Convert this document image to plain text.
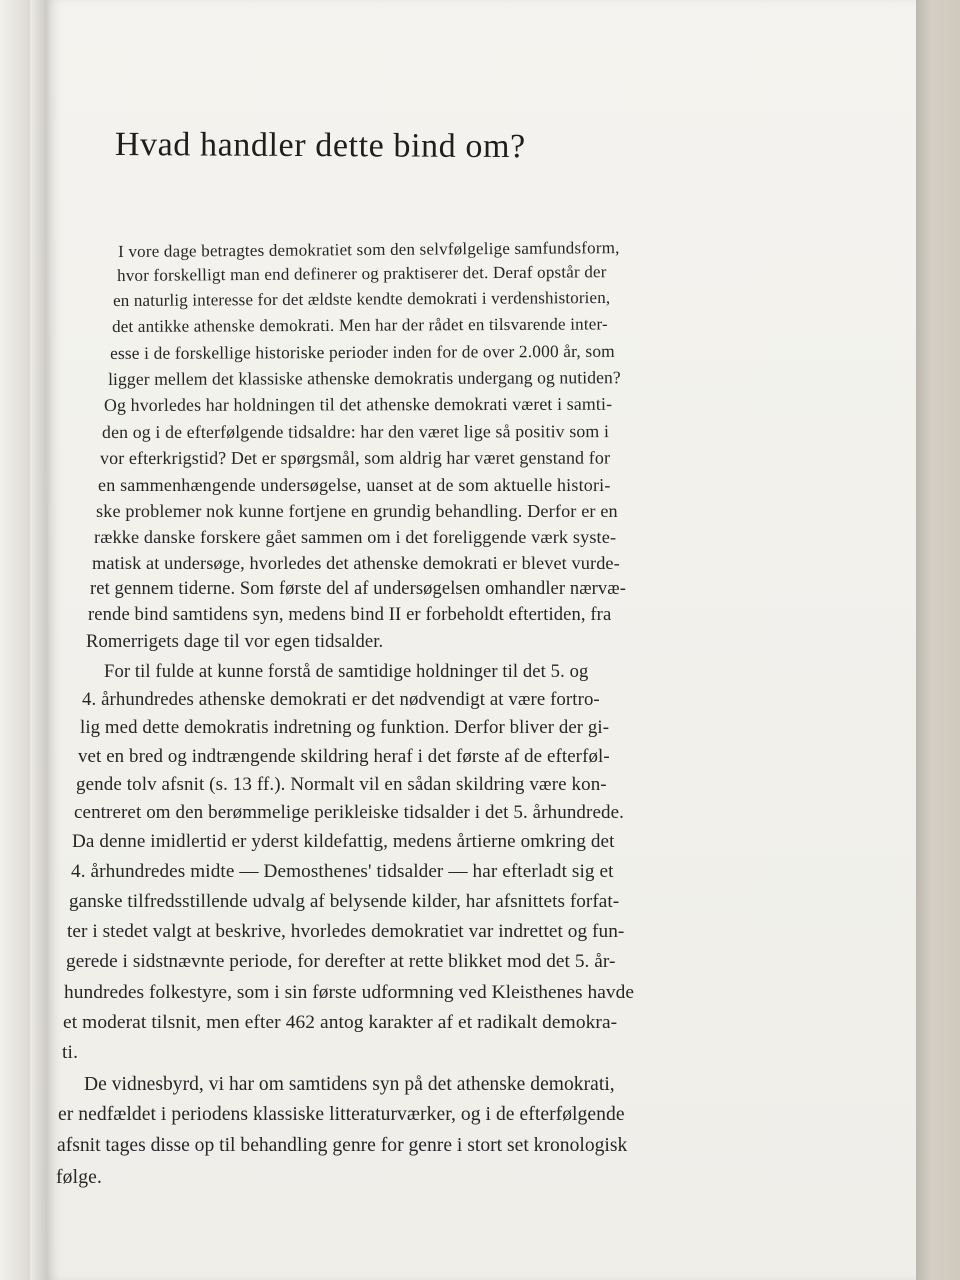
Hvad handler dette bind om?

I vore dage betragtes demokratiet som den selvfølgelige samfundsform,

hvor forskelligt man end definerer og praktiserer det. Deraf opstår der

en naturlig interesse for det ældste kendte demokrati i verdenshistorien,

det antikke athenske demokrati. Men har der rådet en tilsvarende inter-

esse i de forskellige historiske perioder inden for de over 2.000 år, som

ligger mellem det klassiske athenske demokratis undergang og nutiden?

Og hvorledes har holdningen til det athenske demokrati været i samti-

den og i de efterfølgende tidsaldre: har den været lige så positiv som i

vor efterkrigstid? Det er spørgsmål, som aldrig har været genstand for

en sammenhængende undersøgelse, uanset at de som aktuelle histori-

ske problemer nok kunne fortjene en grundig behandling. Derfor er en

række danske forskere gået sammen om i det foreliggende værk syste-

matisk at undersøge, hvorledes det athenske demokrati er blevet vurde-

ret gennem tiderne. Som første del af undersøgelsen omhandler nærvæ-

rende bind samtidens syn, medens bind II er forbeholdt eftertiden, fra

Romerrigets dage til vor egen tidsalder.

For til fulde at kunne forstå de samtidige holdninger til det 5. og

4. århundredes athenske demokrati er det nødvendigt at være fortro-

lig med dette demokratis indretning og funktion. Derfor bliver der gi-

vet en bred og indtrængende skildring heraf i det første af de efterføl-

gende tolv afsnit (s. 13 ff.). Normalt vil en sådan skildring være kon-

centreret om den berømmelige perikleiske tidsalder i det 5. århundrede.

Da denne imidlertid er yderst kildefattig, medens årtierne omkring det

4. århundredes midte — Demosthenes' tidsalder — har efterladt sig et

ganske tilfredsstillende udvalg af belysende kilder, har afsnittets forfat-

ter i stedet valgt at beskrive, hvorledes demokratiet var indrettet og fun-

gerede i sidstnævnte periode, for derefter at rette blikket mod det 5. år-

hundredes folkestyre, som i sin første udformning ved Kleisthenes havde

et moderat tilsnit, men efter 462 antog karakter af et radikalt demokra-

ti.

De vidnesbyrd, vi har om samtidens syn på det athenske demokrati,

er nedfældet i periodens klassiske litteraturværker, og i de efterfølgende

afsnit tages disse op til behandling genre for genre i stort set kronologisk

følge.
